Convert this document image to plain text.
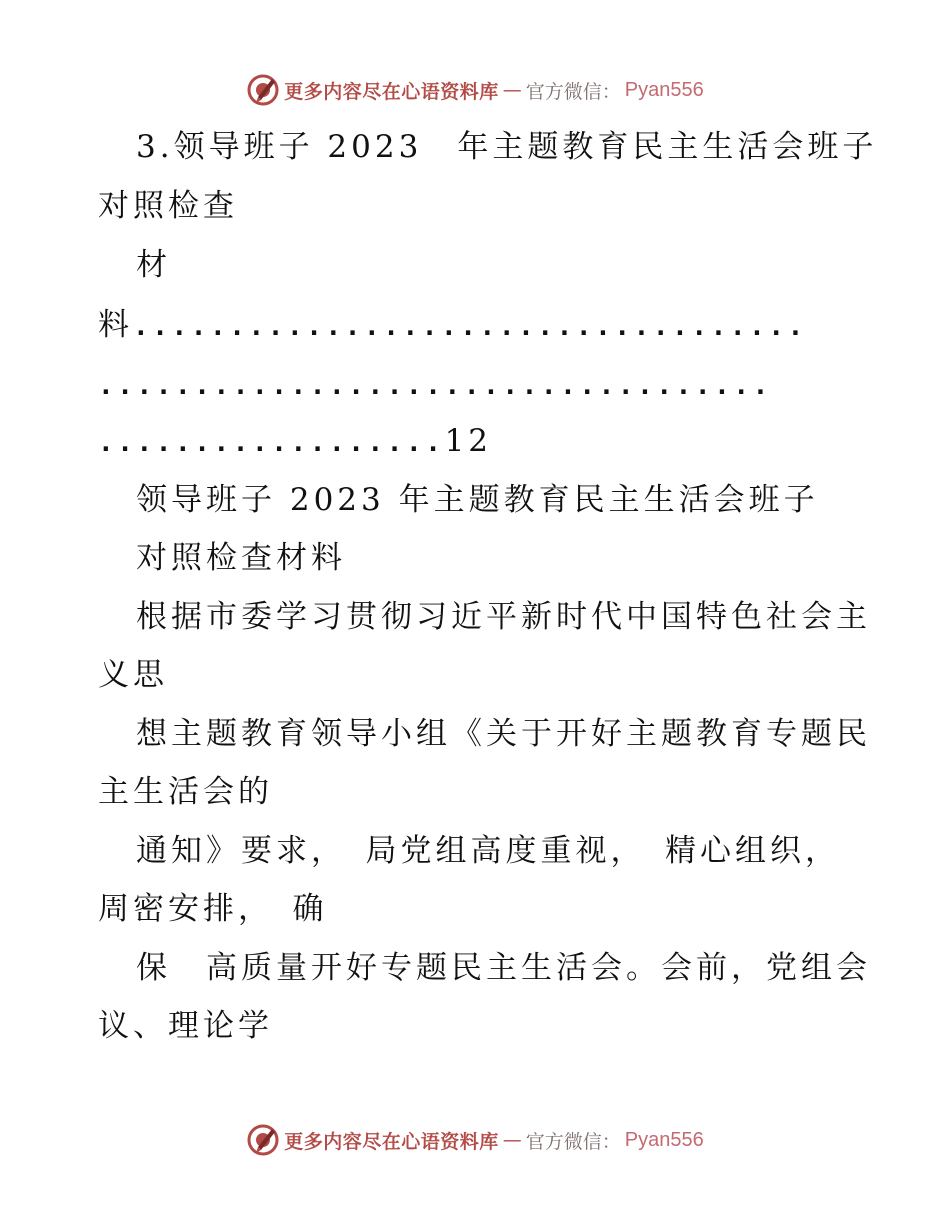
更多内容尽在心语资料库 — 官方微信： Pyan556
3.领导班子 2023　年主题教育民主生活会班子
对照检查
材
料...................................
...................................
..................12
领导班子 2023 年主题教育民主生活会班子
对照检查材料
根据市委学习贯彻习近平新时代中国特色社会主
义思
想主题教育领导小组《关于开好主题教育专题民
主生活会的
通知》要求，　局党组高度重视，　精心组织，
周密安排，　确
保　高质量开好专题民主生活会。会前，党组会
议、理论学
更多内容尽在心语资料库 — 官方微信： Pyan556
